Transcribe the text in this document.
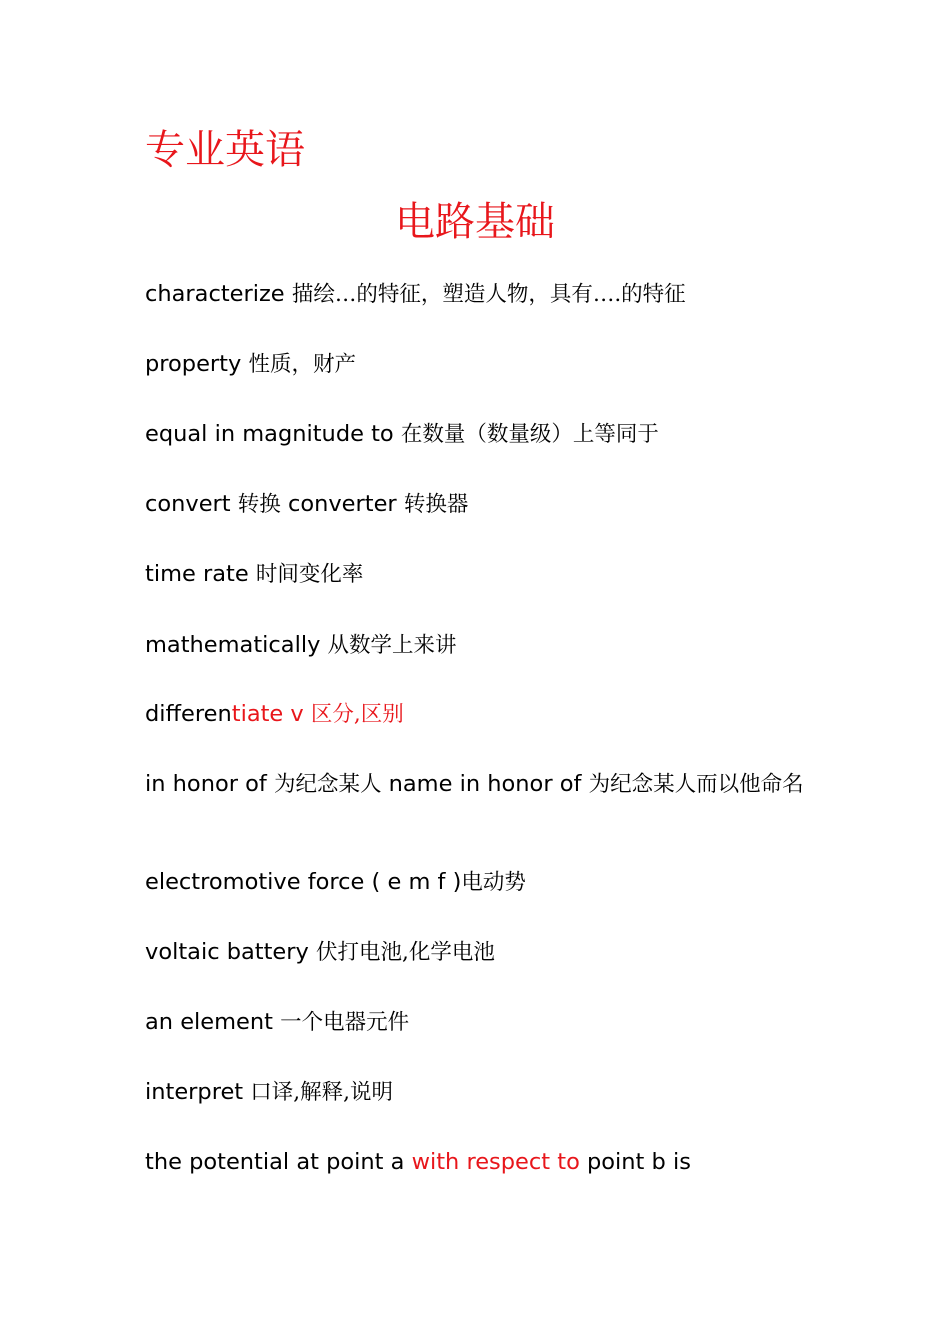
专业英语
电路基础
characterize 描绘…的特征，塑造人物，具有….的特征
property 性质，财产
equal in magnitude to 在数量（数量级）上等同于
convert 转换 converter 转换器
time rate 时间变化率
mathematically 从数学上来讲
differentiate v 区分,区别
in honor of 为纪念某人 name in honor of 为纪念某人而以他命名
electromotive force ( e m f )电动势
voltaic battery 伏打电池,化学电池
an element 一个电器元件
interpret 口译,解释,说明
the potential at point a with respect to point b is
